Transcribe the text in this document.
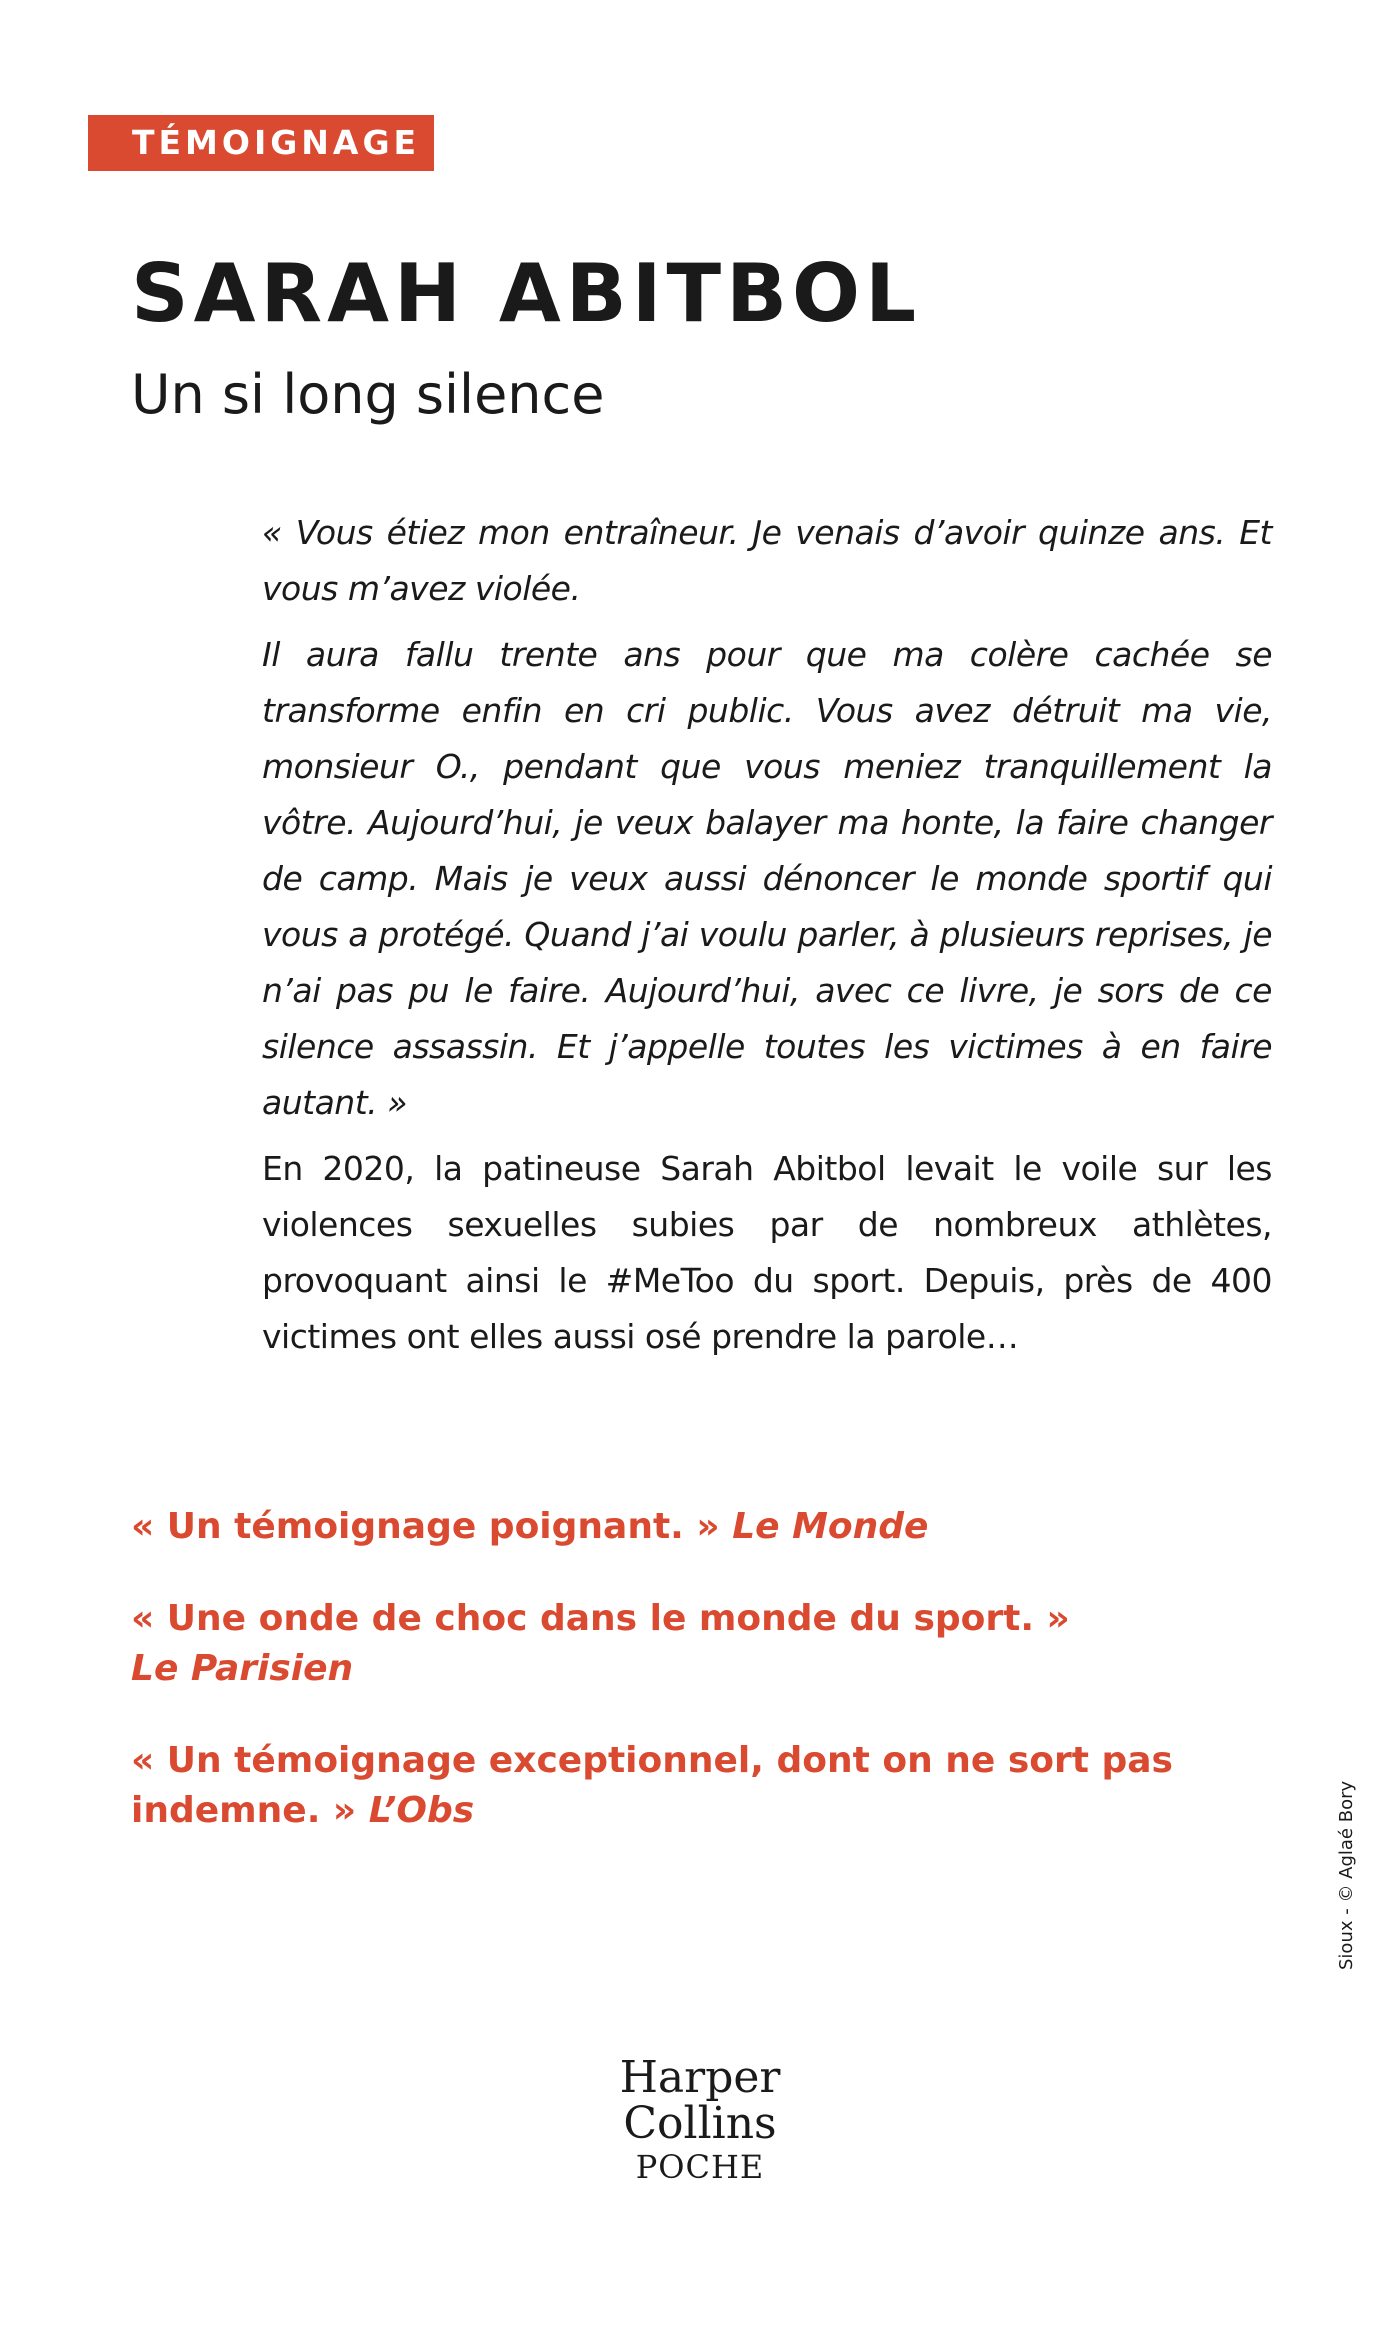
TÉMOIGNAGE
SARAH ABITBOL
Un si long silence

« Vous étiez mon entraîneur. Je venais d’avoir quinze ans. Et vous m’avez violée.

Il aura fallu trente ans pour que ma colère cachée se transforme enfin en cri public. Vous avez détruit ma vie, monsieur O., pendant que vous meniez tranquillement la vôtre. Aujourd’hui, je veux balayer ma honte, la faire changer de camp. Mais je veux aussi dénoncer le monde sportif qui vous a protégé. Quand j’ai voulu parler, à plusieurs reprises, je n’ai pas pu le faire. Aujourd’hui, avec ce livre, je sors de ce silence assassin. Et j’appelle toutes les victimes à en faire autant. »

En 2020, la patineuse Sarah Abitbol levait le voile sur les violences sexuelles subies par de nombreux athlètes, provoquant ainsi le #MeToo du sport. Depuis, près de 400 victimes ont elles aussi osé prendre la parole…

« Un témoignage poignant. » Le Monde
« Une onde de choc dans le monde du sport. »
Le Parisien
« Un témoignage exceptionnel, dont on ne sort pas indemne. » L’Obs	Sioux - © Aglaé Bory
Harper
Collins
POCHE
